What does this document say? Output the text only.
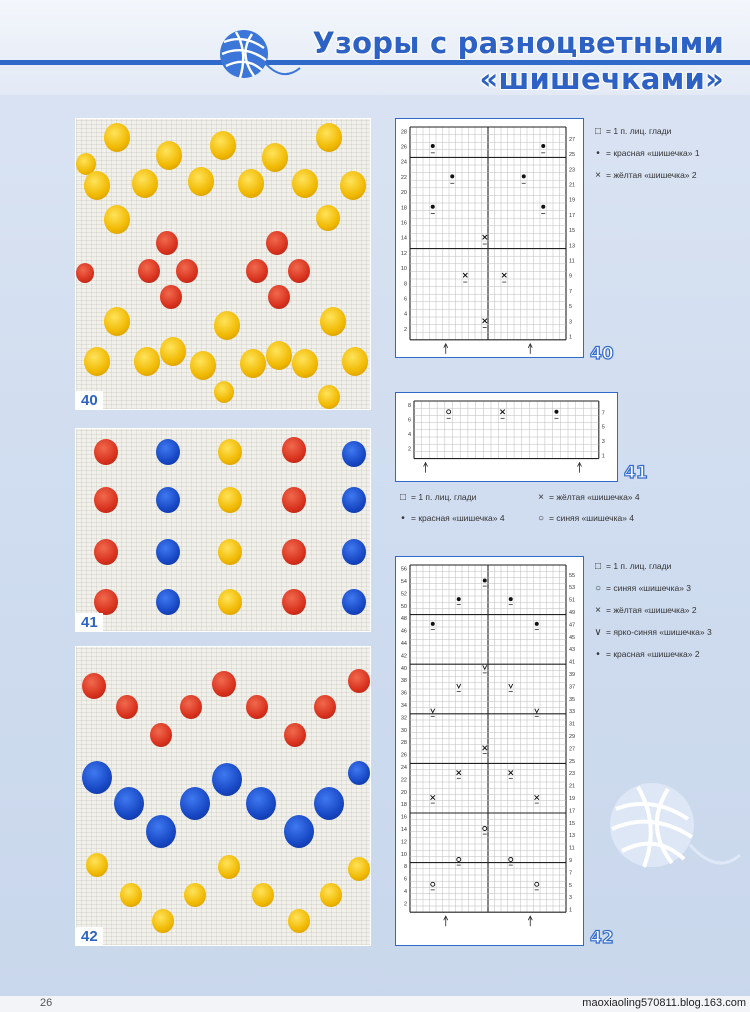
Узоры с разноцветными
«шишечками»
40
41
42
28
26
24
22
20
18
16
14
12
10
8
6
4
2
27
25
23
21
19
17
15
13
11
9
7
5
3
1
40
□ = 1 п. лиц. глади
• = красная «шишечка» 1
× = жёлтая «шишечка» 2
8
6
4
2
7
5
3
1
41
□ = 1 п. лиц. глади	× = жёлтая «шишечка» 4
• = красная «шишечка» 4	○ = синяя «шишечка» 4
56
54
52
50
48
46
44
42
40
38
36
34
32
30
28
26
24
22
20
18
16
14
12
10
8
6
4
2
55
53
51
49
47
45
43
41
39
37
35
33
31
29
27
25
23
21
19
17
15
13
11
9
7
5
3
1
42
□ = 1 п. лиц. глади
○ = синяя «шишечка» 3
× = жёлтая «шишечка» 2
∨ = ярко-синяя «шишечка» 3
• = красная «шишечка» 2
26	maoxiaoling570811.blog.163.com
